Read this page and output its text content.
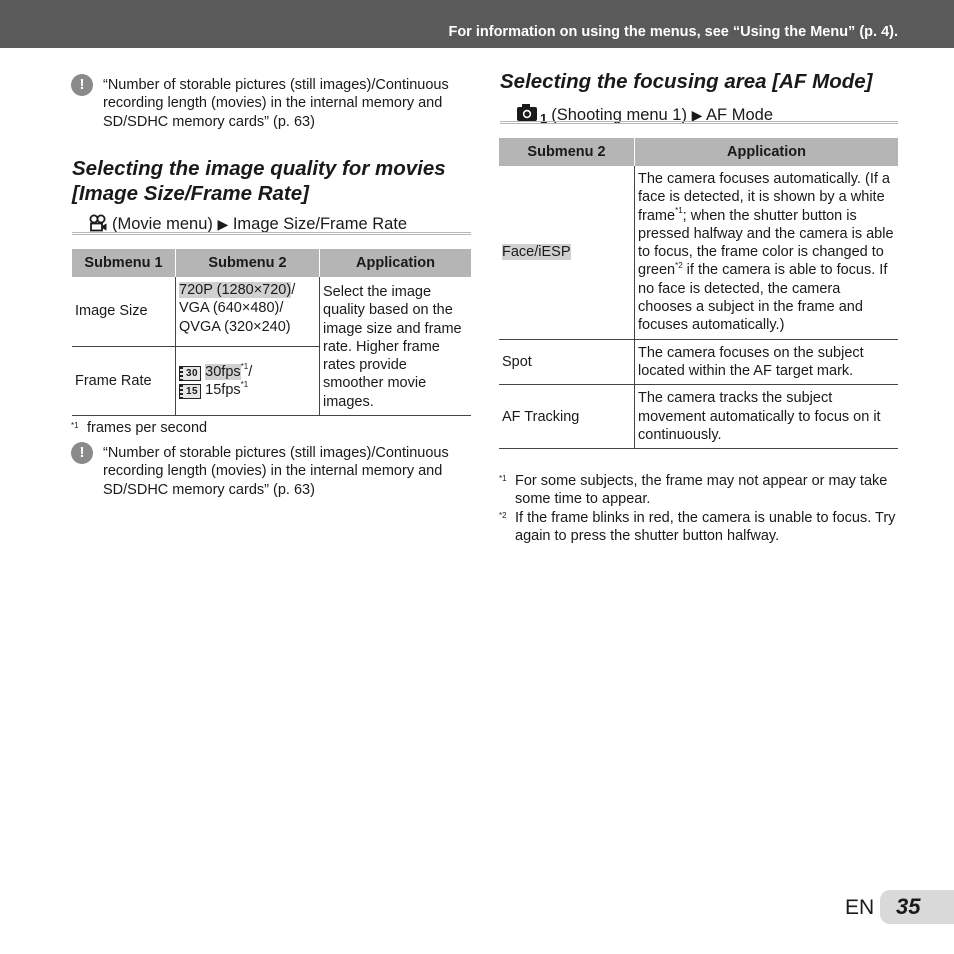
For information on using the menus, see “Using the Menu” (p. 4).
!	“Number of storable pictures (still images)/Continuous recording length (movies) in the internal memory and SD/SDHC memory cards” (p. 63)
Selecting the image quality for movies
[Image Size/Frame Rate]
(Movie menu) ▶ Image Size/Frame Rate
Submenu 1	Submenu 2	Application
Image Size	720P (1280×720)/
VGA (640×480)/
QVGA (320×240)	Select the image quality based on the image size and frame rate. Higher frame rates provide smoother movie images.
Frame Rate	30 30fps$^{*1}$/
15 15fps$^{*1}$
*1 frames per second
!	“Number of storable pictures (still images)/Continuous recording length (movies) in the internal memory and SD/SDHC memory cards” (p. 63)
Selecting the focusing area [AF Mode]
1 (Shooting menu 1) ▶ AF Mode
Submenu 2	Application
Face/iESP	The camera focuses automatically. (If a face is detected, it is shown by a white frame$^{*1}$; when the shutter button is pressed halfway and the camera is able to focus, the frame color is changed to green$^{*2}$ if the camera is able to focus. If no face is detected, the camera chooses a subject in the frame and focuses automatically.)
Spot	The camera focuses on the subject located within the AF target mark.
AF Tracking	The camera tracks the subject movement automatically to focus on it continuously.
*1 For some subjects, the frame may not appear or may take some time to appear.
*2 If the frame blinks in red, the camera is unable to focus. Try again to press the shutter button halfway.
EN 35
